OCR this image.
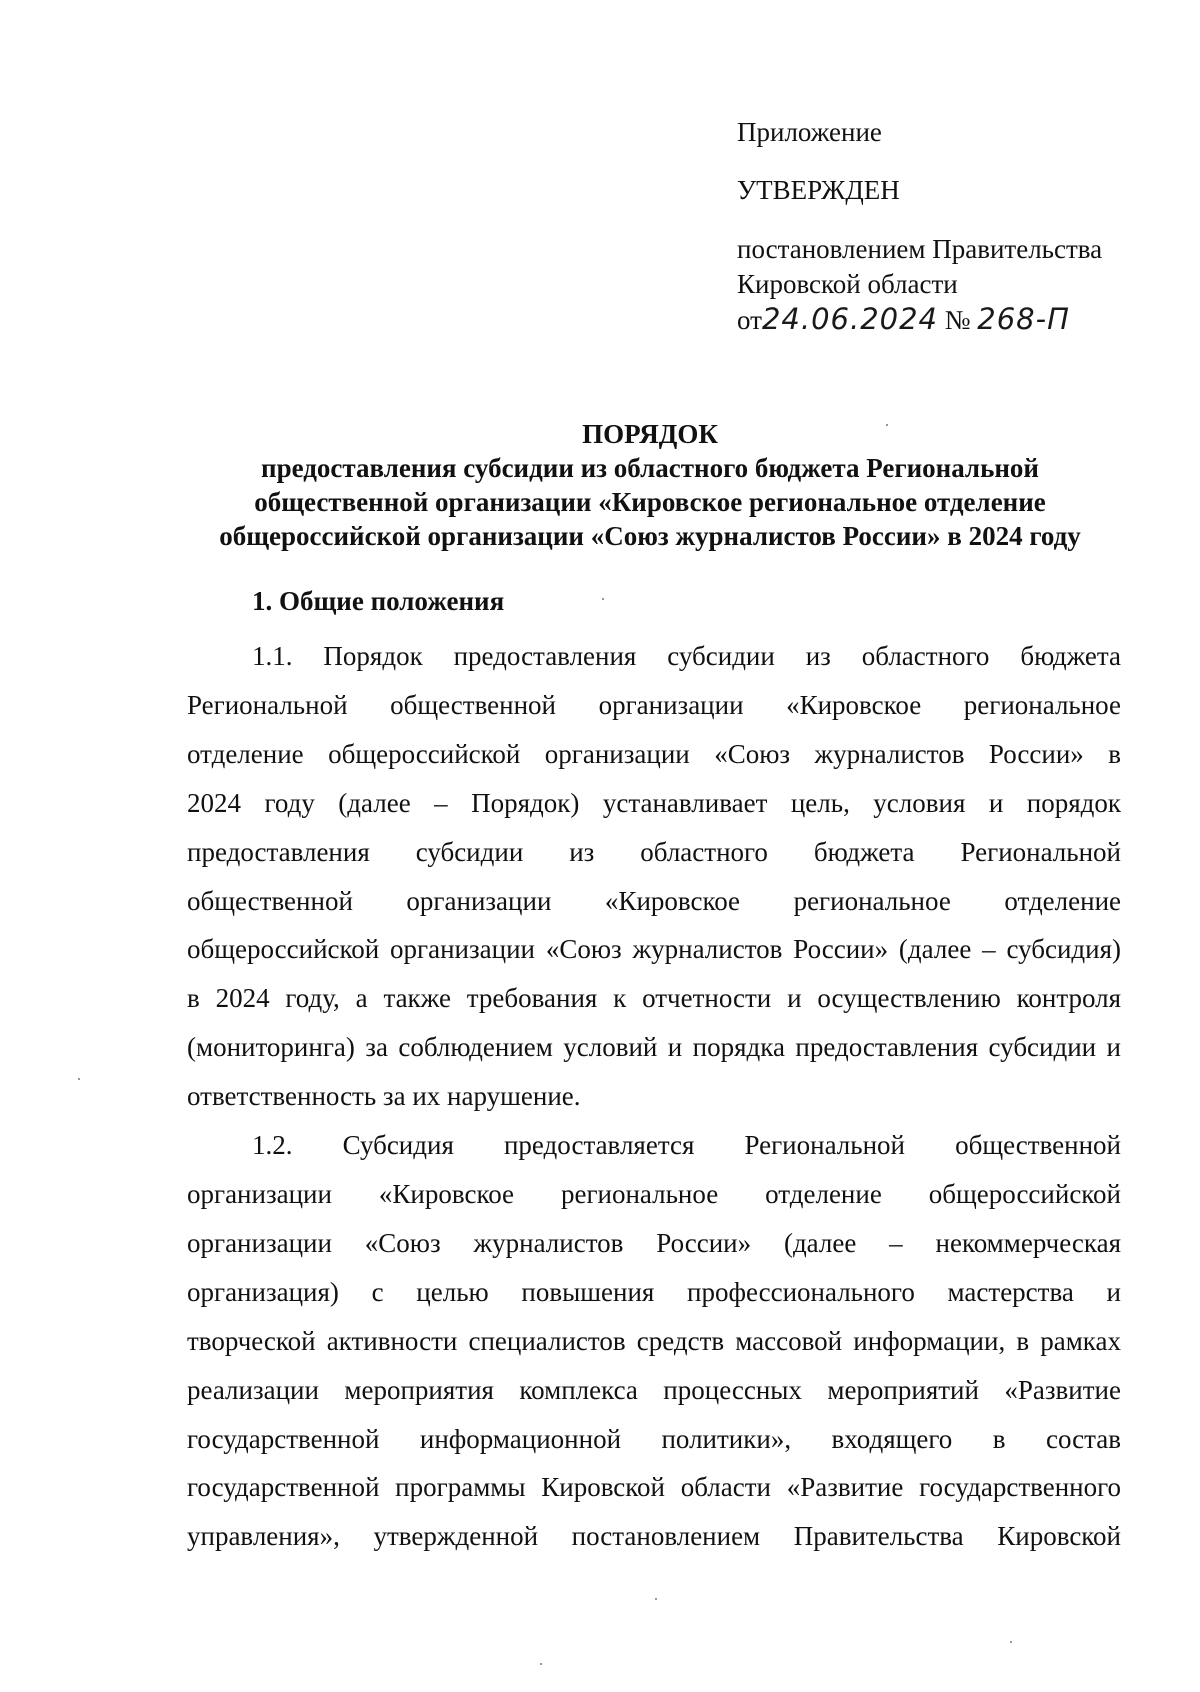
Приложение
УТВЕРЖДЕН
постановлением Правительства
Кировской области
от24.06.2024 № 268-П
ПОРЯДОК
предоставления субсидии из областного бюджета Региональной
общественной организации «Кировское региональное отделение
общероссийской организации «Союз журналистов России» в 2024 году
1. Общие положения
1.1. Порядок предоставления субсидии из областного бюджета
Региональной общественной организации «Кировское региональное
отделение общероссийской организации «Союз журналистов России» в
2024 году (далее – Порядок) устанавливает цель, условия и порядок
предоставления субсидии из областного бюджета Региональной
общественной организации «Кировское региональное отделение
общероссийской организации «Союз журналистов России» (далее – субсидия)
в 2024 году, а также требования к отчетности и осуществлению контроля
(мониторинга) за соблюдением условий и порядка предоставления субсидии и
ответственность за их нарушение.
1.2. Субсидия предоставляется Региональной общественной
организации «Кировское региональное отделение общероссийской
организации «Союз журналистов России» (далее – некоммерческая
организация) с целью повышения профессионального мастерства и
творческой активности специалистов средств массовой информации, в рамках
реализации мероприятия комплекса процессных мероприятий «Развитие
государственной информационной политики», входящего в состав
государственной программы Кировской области «Развитие государственного
управления», утвержденной постановлением Правительства Кировской
